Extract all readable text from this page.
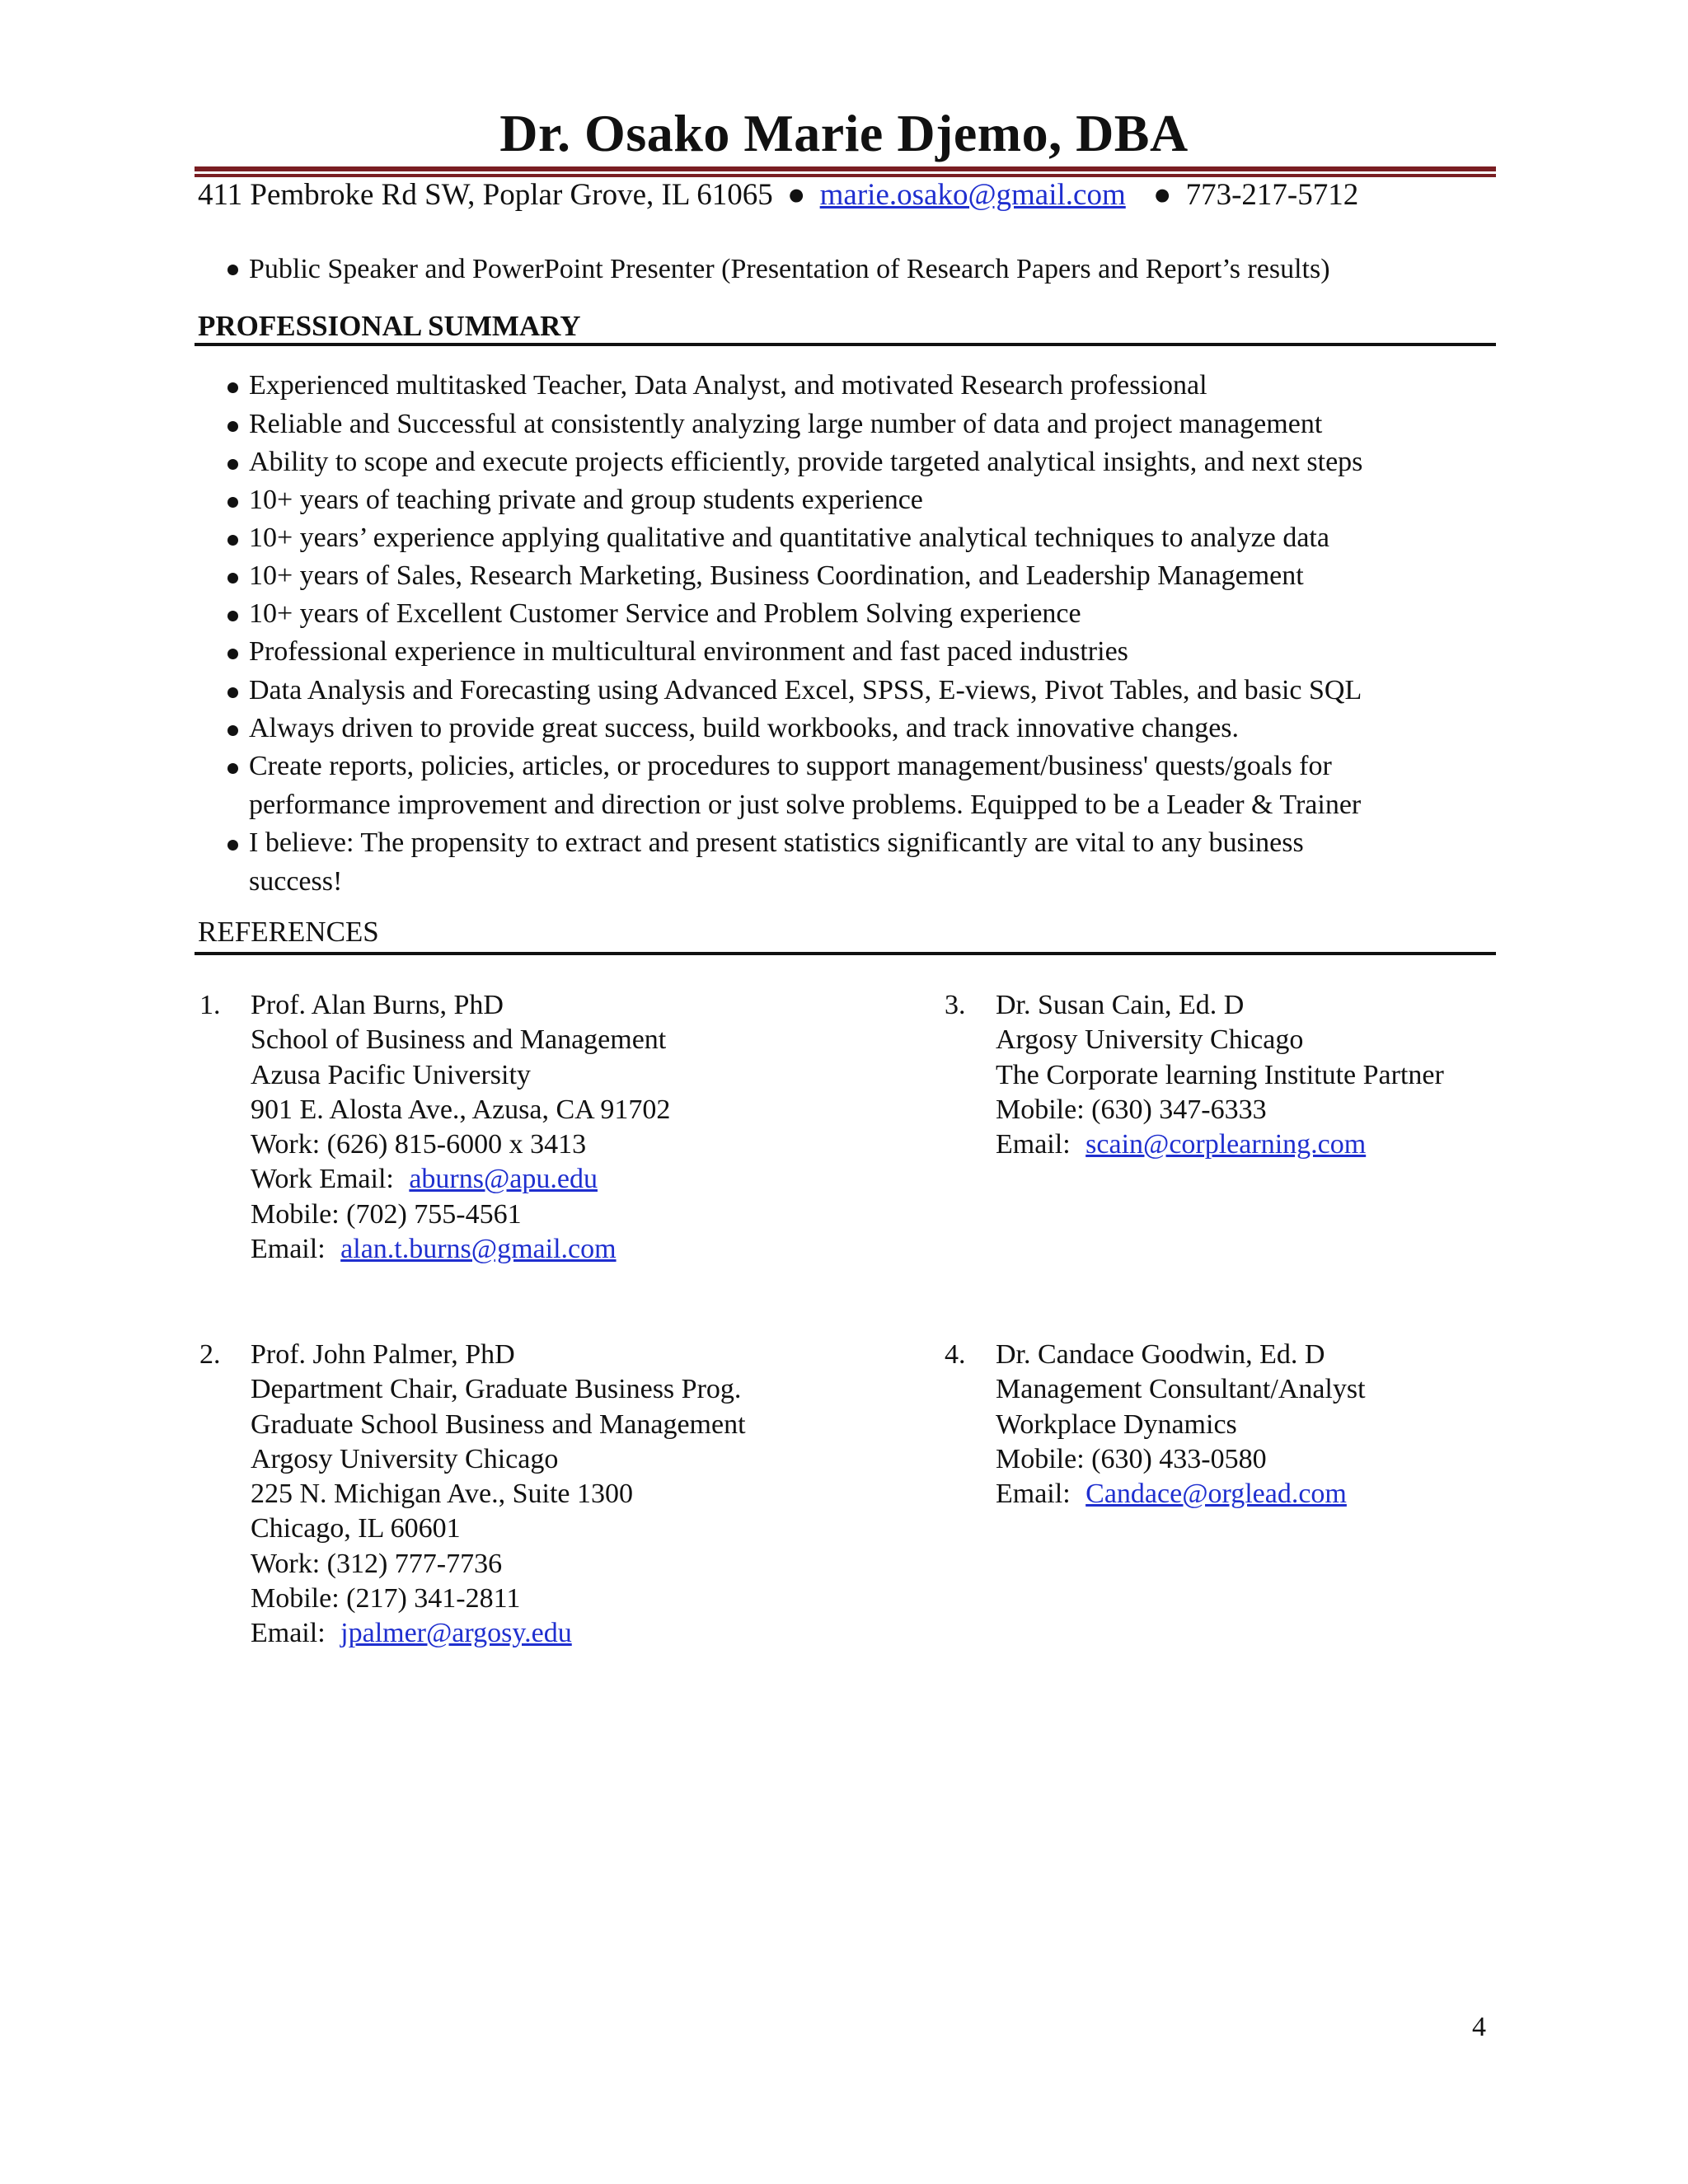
Dr. Osako Marie Djemo, DBA
411 Pembroke Rd SW, Poplar Grove, IL 61065 ● marie.osako@gmail.com ● 773-217-5712
Public Speaker and PowerPoint Presenter (Presentation of Research Papers and Report’s results)
PROFESSIONAL SUMMARY
Experienced multitasked Teacher, Data Analyst, and motivated Research professional
Reliable and Successful at consistently analyzing large number of data and project management
Ability to scope and execute projects efficiently, provide targeted analytical insights, and next steps
10+ years of teaching private and group students experience
10+ years’ experience applying qualitative and quantitative analytical techniques to analyze data
10+ years of Sales, Research Marketing, Business Coordination, and Leadership Management
10+ years of Excellent Customer Service and Problem Solving experience
Professional experience in multicultural environment and fast paced industries
Data Analysis and Forecasting using Advanced Excel, SPSS, E-views, Pivot Tables, and basic SQL
Always driven to provide great success, build workbooks, and track innovative changes.
Create reports, policies, articles, or procedures to support management/business' quests/goals for
performance improvement and direction or just solve problems. Equipped to be a Leader & Trainer
I believe: The propensity to extract and present statistics significantly are vital to any business
success!
REFERENCES
1. Prof. Alan Burns, PhD
School of Business and Management
Azusa Pacific University
901 E. Alosta Ave., Azusa, CA 91702
Work: (626) 815-6000 x 3413
Work Email: aburns@apu.edu
Mobile: (702) 755-4561
Email: alan.t.burns@gmail.com
2. Prof. John Palmer, PhD
Department Chair, Graduate Business Prog.
Graduate School Business and Management
Argosy University Chicago
225 N. Michigan Ave., Suite 1300
Chicago, IL 60601
Work: (312) 777-7736
Mobile: (217) 341-2811
Email: jpalmer@argosy.edu
3. Dr. Susan Cain, Ed. D
Argosy University Chicago
The Corporate learning Institute Partner
Mobile: (630) 347-6333
Email: scain@corplearning.com
4. Dr. Candace Goodwin, Ed. D
Management Consultant/Analyst
Workplace Dynamics
Mobile: (630) 433-0580
Email: Candace@orglead.com
4
